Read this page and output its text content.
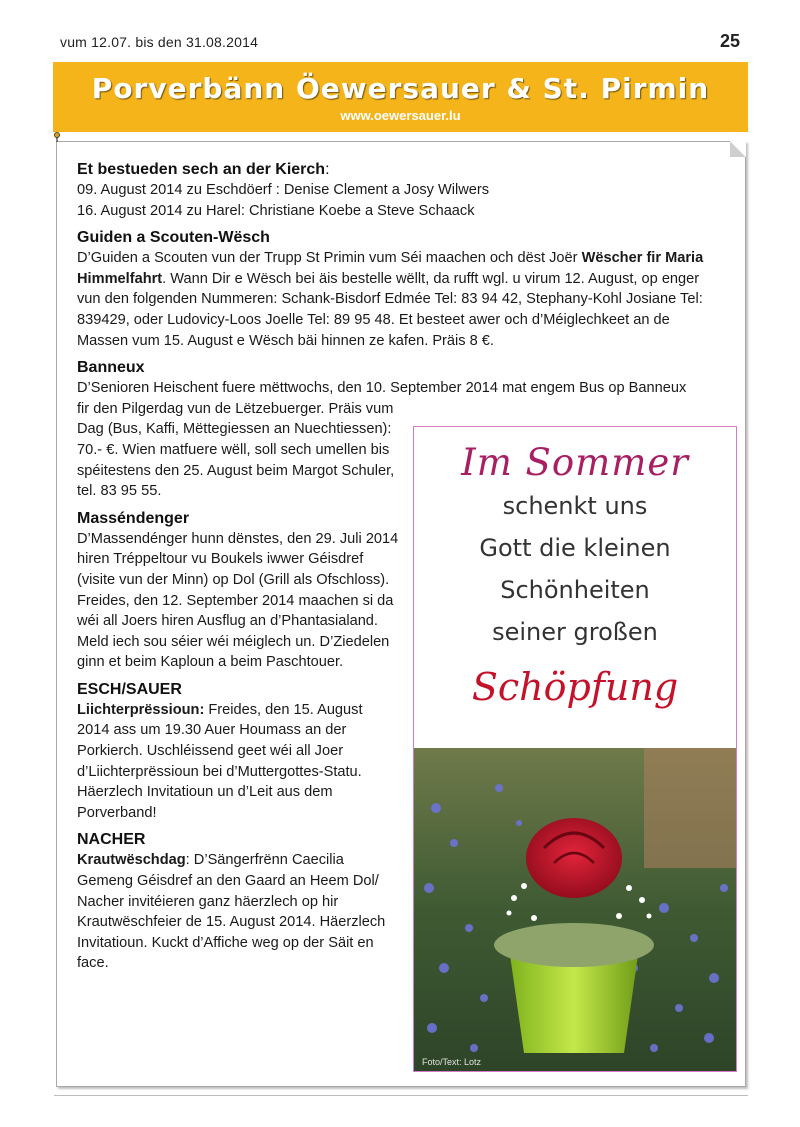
vum 12.07. bis den 31.08.2014	25
Porverbänn Öewersauer & St. Pirmin
www.oewersauer.lu
Et bestueden sech an der Kierch:

09. August 2014 zu Eschdöerf : Denise Clement a Josy Wilwers

16. August 2014 zu Harel: Christiane Koebe a Steve Schaack

Guiden a Scouten-Wësch

D’Guiden a Scouten vun der Trupp St Primin vum Séi maachen och dëst Joër Wëscher fir Maria Himmelfahrt. Wann Dir e Wësch bei äis bestelle wëllt, da rufft wgl. u virum 12. August, op enger vun den folgenden Nummeren: Schank-Bisdorf Edmée Tel: 83 94 42, Stephany-Kohl Josiane Tel: 839429, oder Ludovicy-Loos Joelle Tel: 89 95 48. Et besteet awer och d’Méiglechkeet an de Massen vum 15. August e Wësch bäi hinnen ze kafen. Präis 8 €.

Banneux

D’Senioren Heischent fuere mëttwochs, den 10. September 2014 mat engem Bus op Banneux

fir den Pilgerdag vun de Lëtzebuerger. Präis vum Dag (Bus, Kaffi, Mëttegiessen an Nuechtiessen): 70.- €. Wien matfuere wëll, soll sech umellen bis spéitestens den 25. August beim Margot Schuler, tel. 83 95 55.

Masséndenger

D’Massendénger hunn dënstes, den 29. Juli 2014 hiren Tréppeltour vu Boukels iwwer Géisdref (visite vun der Minn) op Dol (Grill als Ofschloss). Freides, den 12. September 2014 maachen si da wéi all Joers hiren Ausflug an d’Phantasialand. Meld iech sou séier wéi méiglech un. D’Ziedelen ginn et beim Kaploun a beim Paschtouer.

ESCH/SAUER

Liichterprëssioun: Freides, den 15. August 2014 ass um 19.30 Auer Houmass an der Porkierch. Uschléissend geet wéi all Joer d’Liichterprëssioun bei d’Muttergottes-Statu. Häerzlech Invitatioun un d’Leit aus dem Porverband!

NACHER

Krautwëschdag: D’Sängerfrënn Caecilia Gemeng Géisdref an den Gaard an Heem Dol/ Nacher invitéieren ganz häerzlech op hir Krautwëschfeier de 15. August 2014. Häerzlech Invitatioun. Kuckt d’Affiche weg op der Säit en face.

Im Sommer
schenkt uns
Gott die kleinen
Schönheiten
seiner großen
Schöpfung
Foto/Text: Lotz
